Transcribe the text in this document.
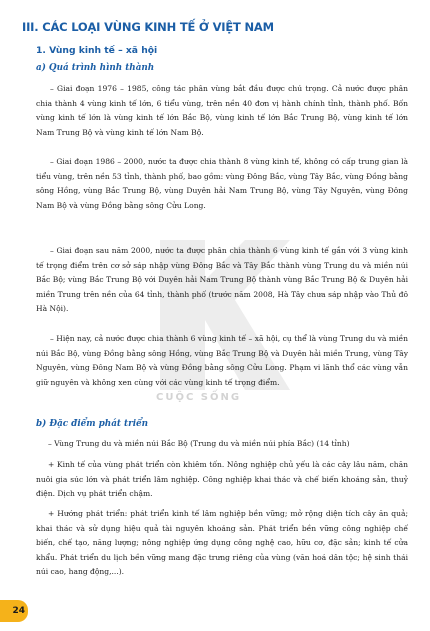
CUỘC SỐNG
III. CÁC LOẠI VÙNG KINH TẾ Ở VIỆT NAM
1. Vùng kinh tế – xã hội
a) Quá trình hình thành

– Giai đoạn 1976 – 1985, công tác phân vùng bắt đầu được chú trọng. Cả nước được phân chia thành 4 vùng kinh tế lớn, 6 tiểu vùng, trên nền 40 đơn vị hành chính tỉnh, thành phố. Bốn vùng kinh tế lớn là vùng kinh tế lớn Bắc Bộ, vùng kinh tế lớn Bắc Trung Bộ, vùng kinh tế lớn Nam Trung Bộ và vùng kinh tế lớn Nam Bộ.

– Giai đoạn 1986 – 2000, nước ta được chia thành 8 vùng kinh tế, không có cấp trung gian là tiểu vùng, trên nền 53 tỉnh, thành phố, bao gồm: vùng Đông Bắc, vùng Tây Bắc, vùng Đồng bằng sông Hồng, vùng Bắc Trung Bộ, vùng Duyên hải Nam Trung Bộ, vùng Tây Nguyên, vùng Đông Nam Bộ và vùng Đồng bằng sông Cửu Long.

– Giai đoạn sau năm 2000, nước ta được phân chia thành 6 vùng kinh tế gắn với 3 vùng kinh tế trọng điểm trên cơ sở sáp nhập vùng Đông Bắc và Tây Bắc thành vùng Trung du và miền núi Bắc Bộ; vùng Bắc Trung Bộ với Duyên hải Nam Trung Bộ thành vùng Bắc Trung Bộ & Duyên hải miền Trung trên nền của 64 tỉnh, thành phố (trước năm 2008, Hà Tây chưa sáp nhập vào Thủ đô Hà Nội).

– Hiện nay, cả nước được chia thành 6 vùng kinh tế – xã hội, cụ thể là vùng Trung du và miền núi Bắc Bộ, vùng Đồng bằng sông Hồng, vùng Bắc Trung Bộ và Duyên hải miền Trung, vùng Tây Nguyên, vùng Đông Nam Bộ và vùng Đồng bằng sông Cửu Long. Phạm vi lãnh thổ các vùng vẫn giữ nguyên và không xen cùng với các vùng kinh tế trọng điểm.

b) Đặc điểm phát triển

– Vùng Trung du và miền núi Bắc Bộ (Trung du và miền núi phía Bắc) (14 tỉnh)

+ Kinh tế của vùng phát triển còn khiêm tốn. Nông nghiệp chủ yếu là các cây lâu năm, chăn nuôi gia súc lớn và phát triển lâm nghiệp. Công nghiệp khai thác và chế biến khoáng sản, thuỷ điện. Dịch vụ phát triển chậm.

+ Hướng phát triển: phát triển kinh tế lâm nghiệp bền vững; mở rộng diện tích cây ăn quả; khai thác và sử dụng hiệu quả tài nguyên khoáng sản. Phát triển bền vững công nghiệp chế biến, chế tạo, năng lượng; nông nghiệp ứng dụng công nghệ cao, hữu cơ, đặc sản; kinh tế cửa khẩu. Phát triển du lịch bền vững mang đặc trưng riêng của vùng (văn hoá dân tộc; hệ sinh thái núi cao, hang động,...).

24
